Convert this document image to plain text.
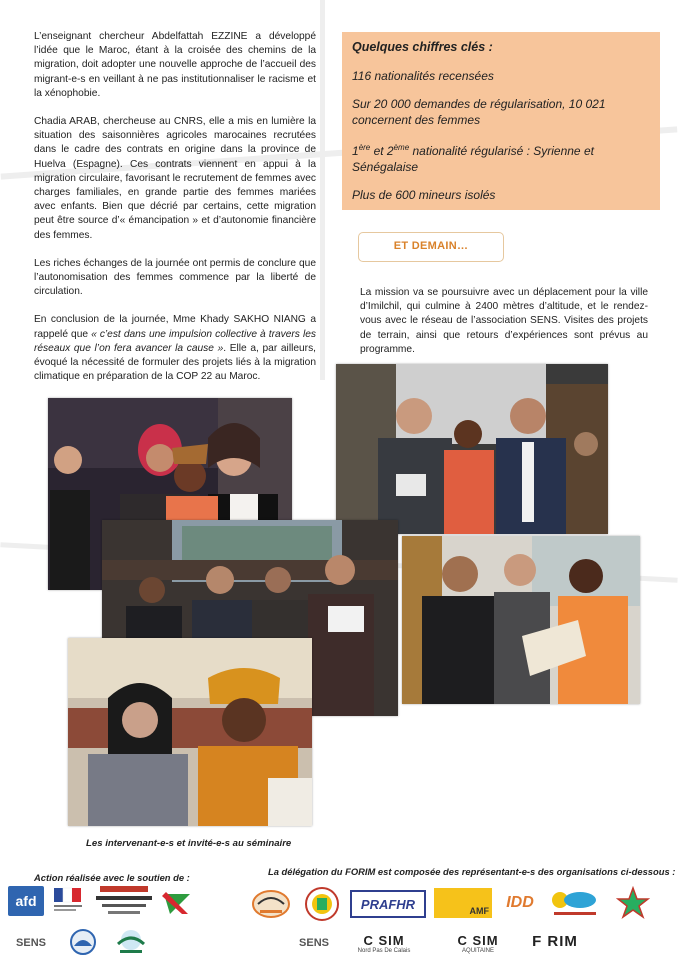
L’enseignant chercheur Abdelfattah EZZINE a développé l’idée que le Maroc, étant à la croisée des chemins de la migration, doit adopter une nouvelle approche de l’accueil des migrant-e-s en veillant à ne pas institutionnaliser le racisme et la xénophobie.

Chadia ARAB, chercheuse au CNRS, elle a mis en lumière la situation des saisonnières agricoles marocaines recrutées dans le cadre des contrats en origine dans la province de Huelva (Espagne). Ces contrats viennent en appui à la migration circulaire, favorisant le recrutement de femmes avec charges familiales, en grande partie des femmes mariées avec enfants. Bien que décrié par certains, cette migration peut être source d’« émancipation » et d’autonomie financière des femmes.

Les riches échanges de la journée ont permis de conclure que l’autonomisation des femmes commence par la liberté de circulation.

En conclusion de la journée, Mme Khady SAKHO NIANG a rappelé que « c’est dans une impulsion collective à travers les réseaux que l’on fera avancer la cause ». Elle a, par ailleurs, évoqué la nécessité de formuler des projets liés à la migration climatique en préparation de la COP 22 au Maroc.

Quelques chiffres clés :
116 nationalités recensées
Sur 20 000 demandes de régularisation, 10 021 concernent des femmes
1ère et 2ème nationalité régularisé : Syrienne et Sénégalaise
Plus de 600 mineurs isolés
ET DEMAIN…
La mission va se poursuivre avec un déplacement pour la ville d’Imilchil, qui culmine à 2400 mètres d’altitude, et le rendez-vous avec le réseau de l’association SENS. Visites des projets de terrain, ainsi que retours d’expériences sont prévus au programme.
Les intervenant-e-s et invité-e-s au séminaire
Action réalisée avec le soutien de :
afd
SENS
La délégation du FORIM est composée des représentant-e-s des organisations ci-dessous :
PRAFHR	AMF IDD
SENS	C SIM
Nord Pas De Calais
C SIM
AQUITAINE
F RIM
